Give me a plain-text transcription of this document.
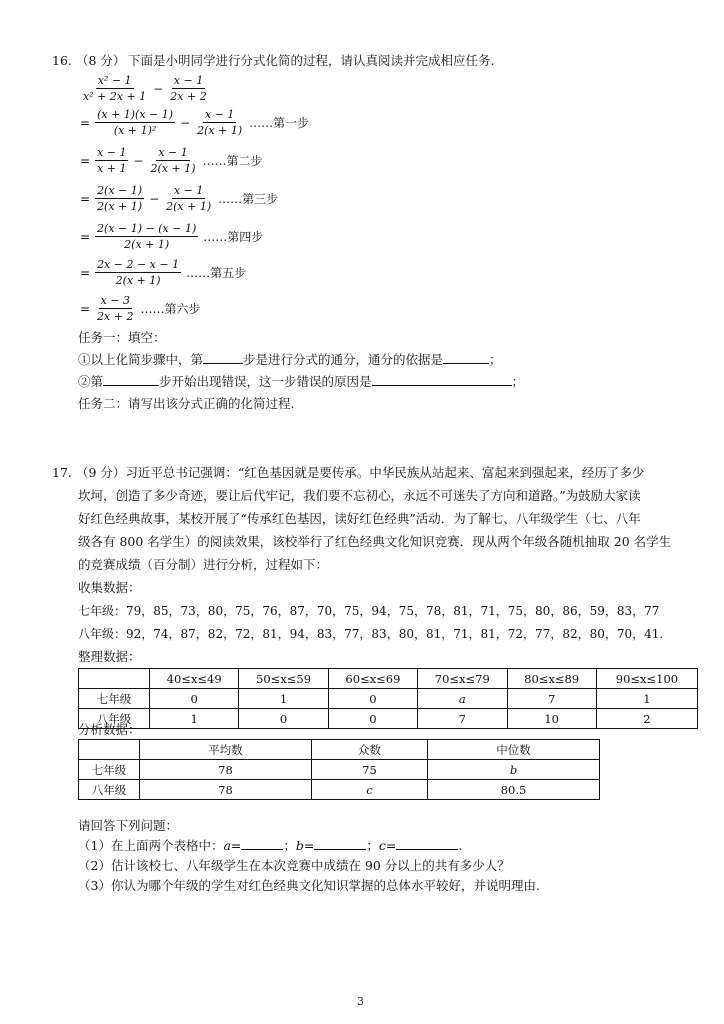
16. （8 分） 下面是小明同学进行分式化简的过程，请认真阅读并完成相应任务.
$\frac{\text{x² − 1}}{\text{x² + 2x + 1}} - \frac{x - 1}{2x + 2}$
= $\frac{(x + 1)(x - 1)}{\text{(x + 1)²}} - \frac{x - 1}{2(x + 1)}$ ……第一步
= $\frac{x - 1}{x + 1} - \frac{x - 1}{2(x + 1)}$ ……第二步
= $\frac{2(x - 1)}{2(x + 1)} - \frac{x - 1}{2(x + 1)}$ ……第三步
= $\frac{2(x - 1) - (x - 1)}{2(x + 1)}$ ……第四步
= $\frac{2x - 2 - x - 1}{2(x + 1)}$ ……第五步
= $\frac{x - 3}{2x + 2}$ ……第六步
任务一：填空：
①以上化简步骤中，第	步是进行分式的通分，通分的依据是	；
②第	步开始出现错误，这一步错误的原因是	；
任务二：请写出该分式正确的化简过程.
17. （9 分）习近平总书记强调：“红色基因就是要传承。中华民族从站起来、富起来到强起来，经历了多少
坎坷，创造了多少奇迹，要让后代牢记，我们要不忘初心，永远不可迷失了方向和道路。”为鼓励大家读
好红色经典故事，某校开展了“传承红色基因，读好红色经典”活动．为了解七、八年级学生（七、八年
级各有 800 名学生）的阅读效果，该校举行了红色经典文化知识竞赛．现从两个年级各随机抽取 20 名学生
的竞赛成绩（百分制）进行分析，过程如下：
收集数据：
七年级：79，85，73，80，75，76，87，70，75，94，75，78，81，71，75，80，86，59，83，77
八年级：92，74，87，82，72，81，94，83，77，83，80，81，71，81，72，77，82，80，70，41.
整理数据：
	40≤x≤49	50≤x≤59	60≤x≤69	70≤x≤79	80≤x≤89	90≤x≤100
七年级	0	1	0	a	7	1
八年级	1	0	0	7	10	2
分析数据：
	平均数	众数	中位数
七年级	78	75	b
八年级	78	c	80.5
请回答下列问题：
（1）在上面两个表格中：a=	；b=	；c=	.
（2）估计该校七、八年级学生在本次竞赛中成绩在 90 分以上的共有多少人？
（3）你认为哪个年级的学生对红色经典文化知识掌握的总体水平较好，并说明理由.
3
